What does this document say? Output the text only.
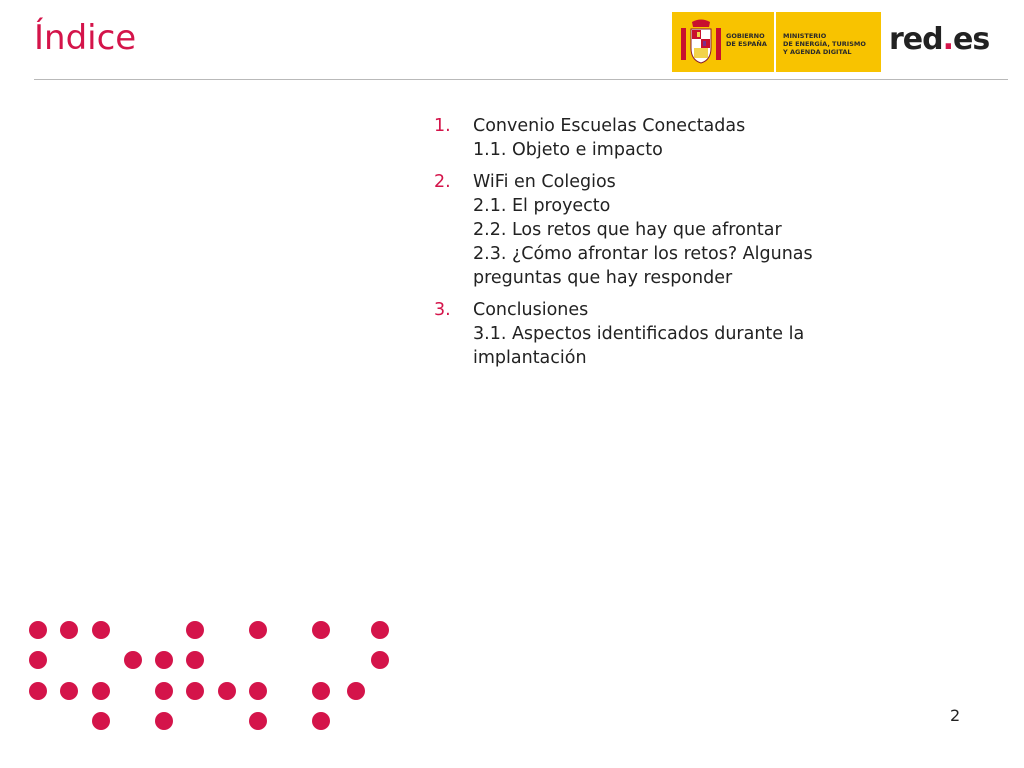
Índice	GOBIERNO
DE ESPAÑA
MINISTERIO
DE ENERGÍA, TURISMO
Y AGENDA DIGITAL	red.es
1.	Convenio Escuelas Conectadas
1.1. Objeto e impacto
2.	WiFi en Colegios
2.1. El proyecto
2.2. Los retos que hay que afrontar
2.3. ¿Cómo afrontar los retos? Algunas preguntas que hay responder
3.	Conclusiones
3.1. Aspectos identificados durante la implantación
2
